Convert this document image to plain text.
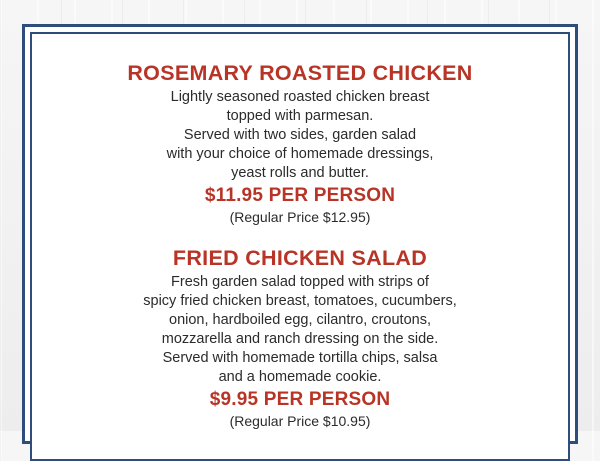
ROSEMARY ROASTED CHICKEN
Lightly seasoned roasted chicken breast
topped with parmesan.
Served with two sides, garden salad
with your choice of homemade dressings,
yeast rolls and butter.
$11.95 PER PERSON
(Regular Price $12.95)
FRIED CHICKEN SALAD
Fresh garden salad topped with strips of
spicy fried chicken breast, tomatoes, cucumbers,
onion, hardboiled egg, cilantro, croutons,
mozzarella and ranch dressing on the side.
Served with homemade tortilla chips, salsa
and a homemade cookie.
$9.95 PER PERSON
(Regular Price $10.95)
